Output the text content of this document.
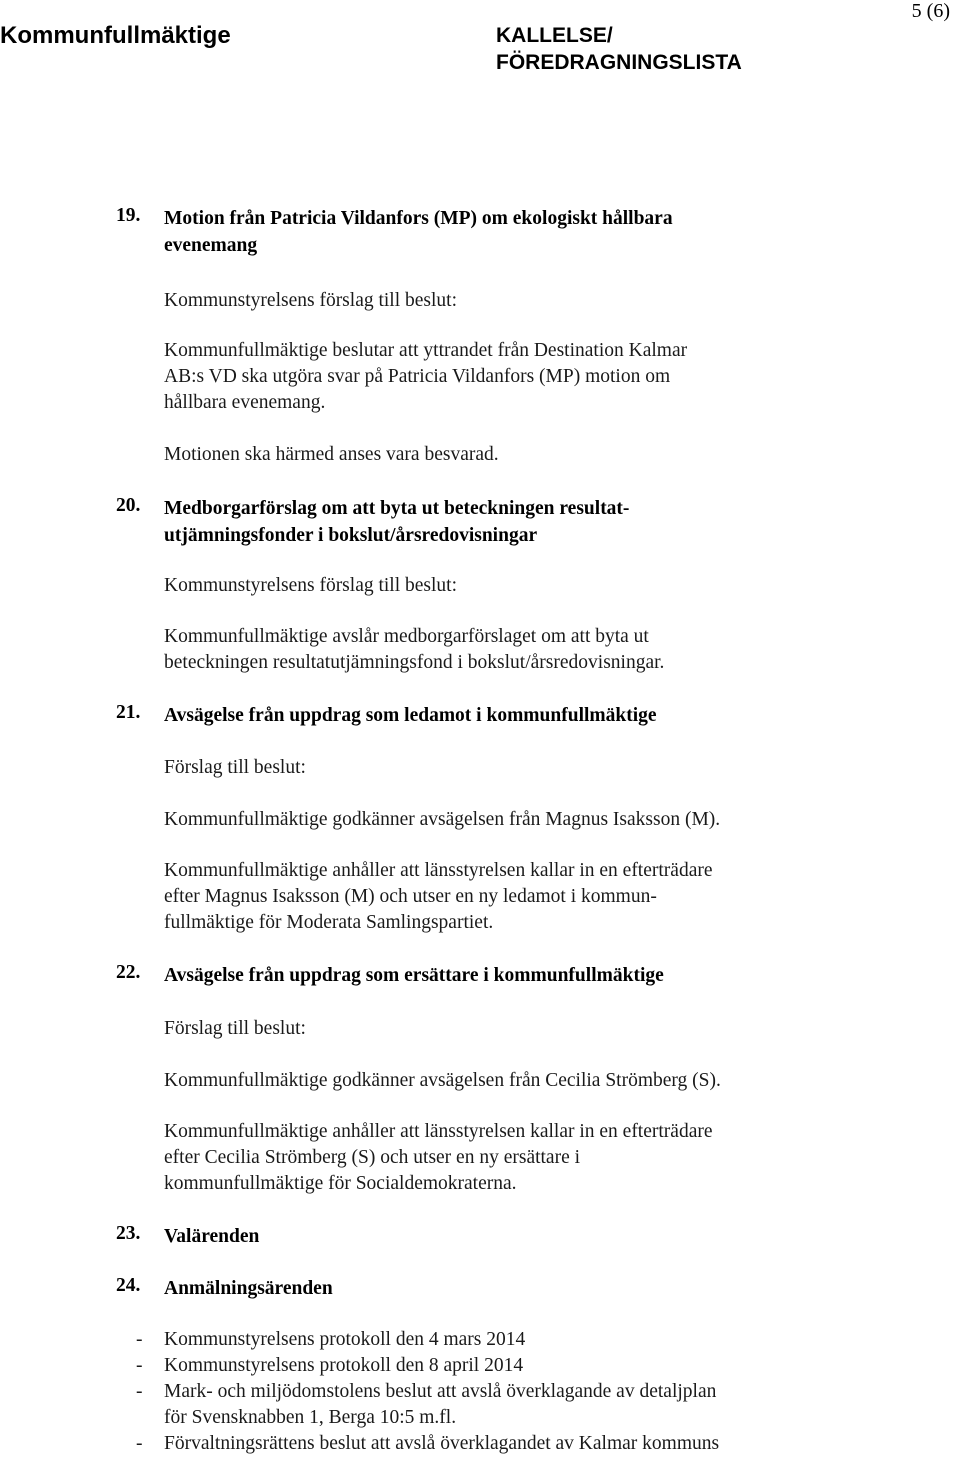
Kommunfullmäktige	KALLELSE/
FÖREDRAGNINGSLISTA
5 (6)
19. Motion från Patricia Vildanfors (MP) om ekologiskt hållbara
evenemang
Kommunstyrelsens förslag till beslut:
Kommunfullmäktige beslutar att yttrandet från Destination Kalmar
AB:s VD ska utgöra svar på Patricia Vildanfors (MP) motion om
hållbara evenemang.
Motionen ska härmed anses vara besvarad.
20. Medborgarförslag om att byta ut beteckningen resultat-
utjämningsfonder i bokslut/årsredovisningar
Kommunstyrelsens förslag till beslut:
Kommunfullmäktige avslår medborgarförslaget om att byta ut
beteckningen resultatutjämningsfond i bokslut/årsredovisningar.
21. Avsägelse från uppdrag som ledamot i kommunfullmäktige
Förslag till beslut:
Kommunfullmäktige godkänner avsägelsen från Magnus Isaksson (M).
Kommunfullmäktige anhåller att länsstyrelsen kallar in en efterträdare
efter Magnus Isaksson (M) och utser en ny ledamot i kommun-
fullmäktige för Moderata Samlingspartiet.
22. Avsägelse från uppdrag som ersättare i kommunfullmäktige
Förslag till beslut:
Kommunfullmäktige godkänner avsägelsen från Cecilia Strömberg (S).
Kommunfullmäktige anhåller att länsstyrelsen kallar in en efterträdare
efter Cecilia Strömberg (S) och utser en ny ersättare i
kommunfullmäktige för Socialdemokraterna.
23. Valärenden
24. Anmälningsärenden
- Kommunstyrelsens protokoll den 4 mars 2014
- Kommunstyrelsens protokoll den 8 april 2014
- Mark- och miljödomstolens beslut att avslå överklagande av detaljplan
för Svensknabben 1, Berga 10:5 m.fl.
- Förvaltningsrättens beslut att avslå överklagandet av Kalmar kommuns
